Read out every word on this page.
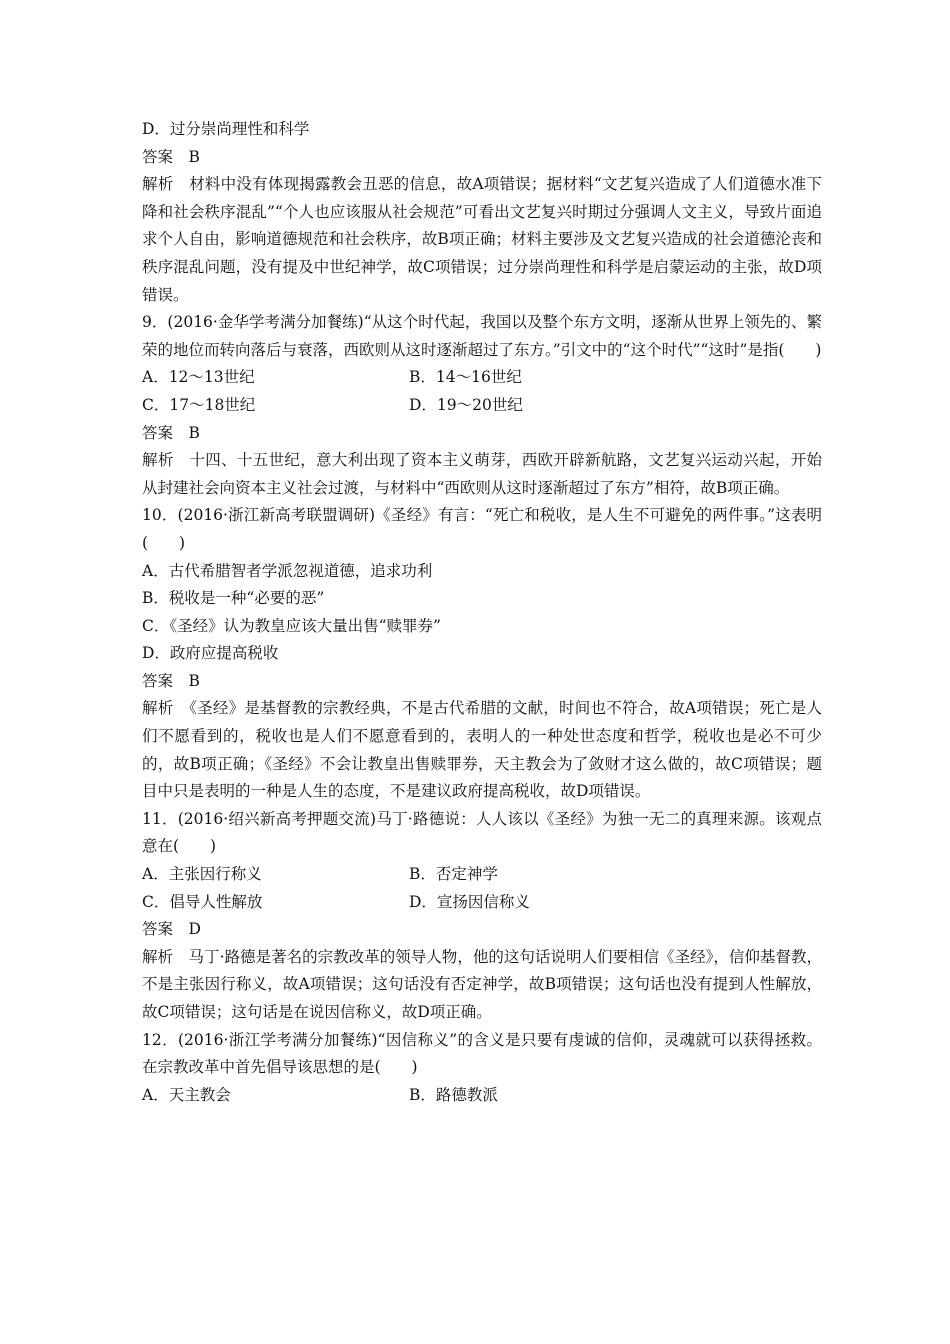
D．过分崇尚理性和科学
答案　B
解析　材料中没有体现揭露教会丑恶的信息，故A项错误；据材料“文艺复兴造成了人们道德水准下降和社会秩序混乱”“个人也应该服从社会规范”可看出文艺复兴时期过分强调人文主义，导致片面追求个人自由，影响道德规范和社会秩序，故B项正确；材料主要涉及文艺复兴造成的社会道德沦丧和秩序混乱问题，没有提及中世纪神学，故C项错误；过分崇尚理性和科学是启蒙运动的主张，故D项错误。
9．(2016·金华学考满分加餐练)“从这个时代起，我国以及整个东方文明，逐渐从世界上领先的、繁荣的地位而转向落后与衰落，西欧则从这时逐渐超过了东方。”引文中的“这个时代”“这时”是指(　　)
A．12～13世纪	B．14～16世纪
C．17～18世纪	D．19～20世纪
答案　B
解析　十四、十五世纪，意大利出现了资本主义萌芽，西欧开辟新航路，文艺复兴运动兴起，开始从封建社会向资本主义社会过渡，与材料中“西欧则从这时逐渐超过了东方”相符，故B项正确。
10．(2016·浙江新高考联盟调研)《圣经》有言：“死亡和税收，是人生不可避免的两件事。”这表明(　　)
A．古代希腊智者学派忽视道德，追求功利
B．税收是一种“必要的恶”
C．《圣经》认为教皇应该大量出售“赎罪券”
D．政府应提高税收
答案　B
解析　《圣经》是基督教的宗教经典，不是古代希腊的文献，时间也不符合，故A项错误；死亡是人们不愿看到的，税收也是人们不愿意看到的，表明人的一种处世态度和哲学，税收也是必不可少的，故B项正确；《圣经》不会让教皇出售赎罪券，天主教会为了敛财才这么做的，故C项错误；题目中只是表明的一种是人生的态度，不是建议政府提高税收，故D项错误。
11．(2016·绍兴新高考押题交流)马丁·路德说：人人该以《圣经》为独一无二的真理来源。该观点意在(　　)
A．主张因行称义	B．否定神学
C．倡导人性解放	D．宣扬因信称义
答案　D
解析　马丁·路德是著名的宗教改革的领导人物，他的这句话说明人们要相信《圣经》，信仰基督教，不是主张因行称义，故A项错误；这句话没有否定神学，故B项错误；这句话也没有提到人性解放，故C项错误；这句话是在说因信称义，故D项正确。
12．(2016·浙江学考满分加餐练)“因信称义”的含义是只要有虔诚的信仰，灵魂就可以获得拯救。在宗教改革中首先倡导该思想的是(　　)
A．天主教会	B．路德教派
